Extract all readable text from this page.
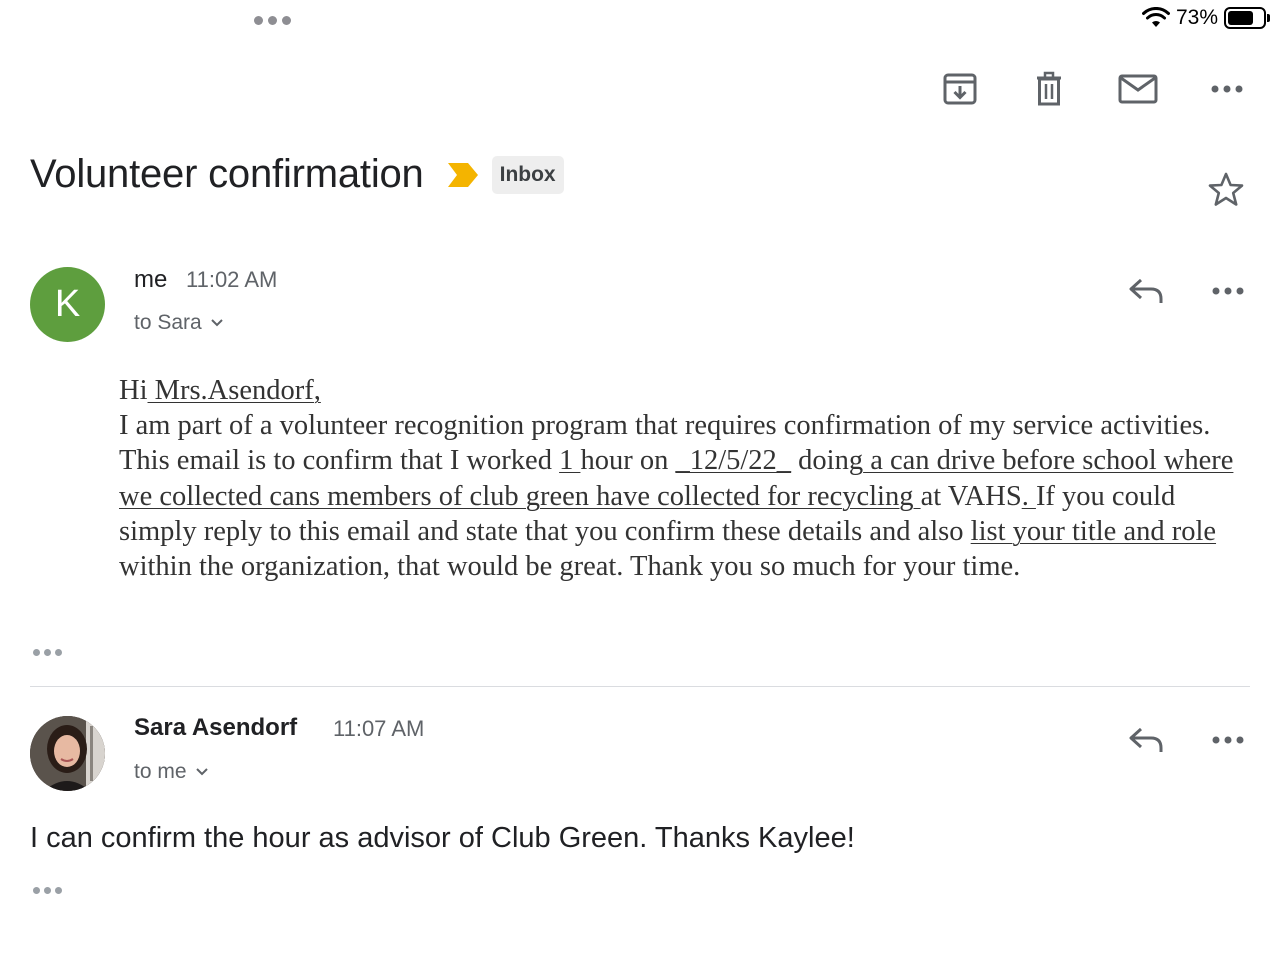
73%
Volunteer confirmation	Inbox
K
me 11:02 AM
to Sara
Hi Mrs.Asendorf,
I am part of a volunteer recognition program that requires confirmation of my service activities. This email is to confirm that I worked 1 hour on _12/5/22_ doing a can drive before school where we collected cans members of club green have collected for recycling at VAHS. If you could simply reply to this email and state that you confirm these details and also list your title and role within the organization, that would be great. Thank you so much for your time.
Sara Asendorf 11:07 AM
to me
I can confirm the hour as advisor of Club Green. Thanks Kaylee!
